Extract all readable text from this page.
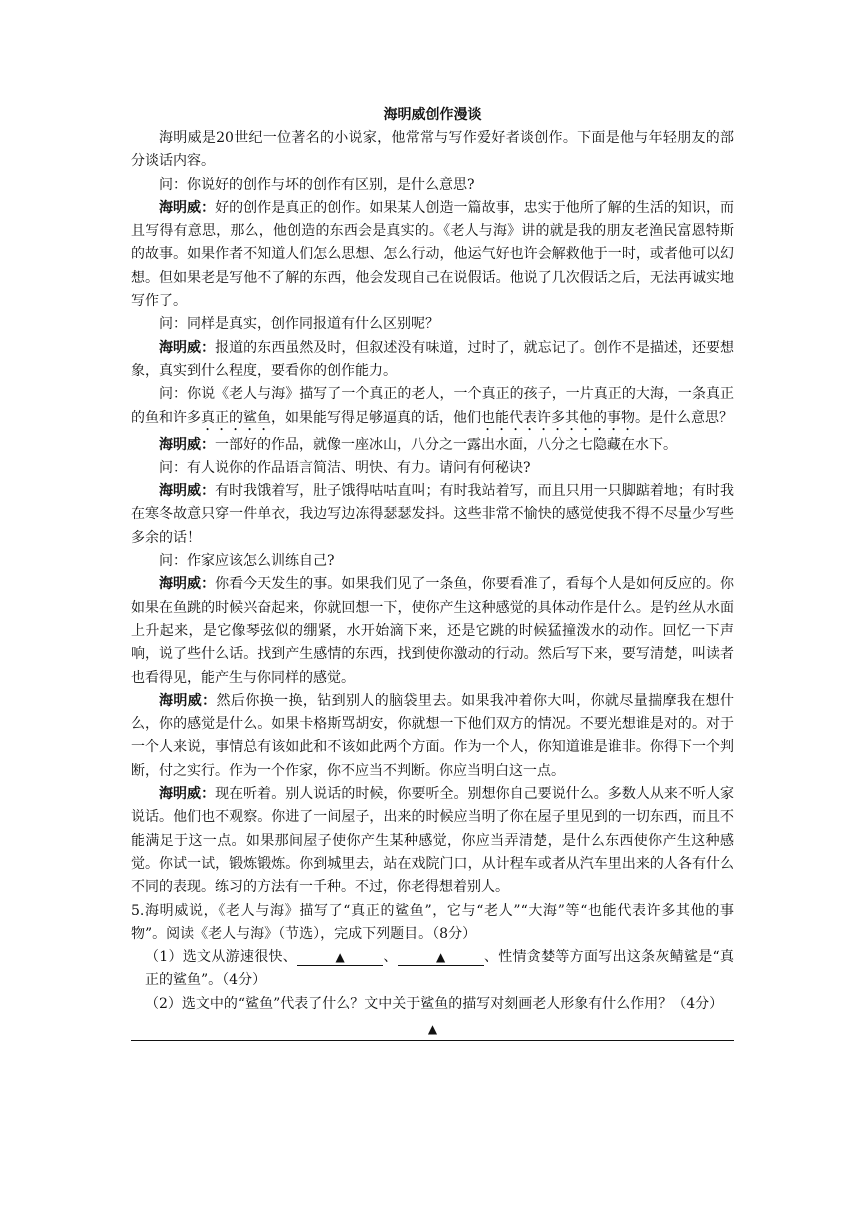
海明威创作漫谈

海明威是20世纪一位著名的小说家，他常常与写作爱好者谈创作。下面是他与年轻朋友的部分谈话内容。

问：你说好的创作与坏的创作有区别，是什么意思?

海明威：好的创作是真正的创作。如果某人创造一篇故事，忠实于他所了解的生活的知识，而且写得有意思，那么，他创造的东西会是真实的。《老人与海》讲的就是我的朋友老渔民富恩特斯的故事。如果作者不知道人们怎么思想、怎么行动，他运气好也许会解救他于一时，或者他可以幻想。但如果老是写他不了解的东西，他会发现自己在说假话。他说了几次假话之后，无法再诚实地写作了。

问：同样是真实，创作同报道有什么区别呢？

海明威：报道的东西虽然及时，但叙述没有味道，过时了，就忘记了。创作不是描述，还要想象，真实到什么程度，要看你的创作能力。

问：你说《老人与海》描写了一个真正的老人，一个真正的孩子，一片真正的大海，一条真正的鱼和许多真正的鲨鱼，如果能写得足够逼真的话，他们也能代表许多其他的事物。是什么意思？

海明威：一部好的作品，就像一座冰山，八分之一露出水面，八分之七隐藏在水下。

问：有人说你的作品语言简洁、明快、有力。请问有何秘诀?

海明威：有时我饿着写，肚子饿得咕咕直叫；有时我站着写，而且只用一只脚踮着地；有时我在寒冬故意只穿一件单衣，我边写边冻得瑟瑟发抖。这些非常不愉快的感觉使我不得不尽量少写些多余的话！

问：作家应该怎么训练自己?

海明威：你看今天发生的事。如果我们见了一条鱼，你要看准了，看每个人是如何反应的。你如果在鱼跳的时候兴奋起来，你就回想一下，使你产生这种感觉的具体动作是什么。是钓丝从水面上升起来，是它像琴弦似的绷紧，水开始滴下来，还是它跳的时候猛撞泼水的动作。回忆一下声响，说了些什么话。找到产生感情的东西，找到使你激动的行动。然后写下来，要写清楚，叫读者也看得见，能产生与你同样的感觉。

海明威：然后你换一换，钻到别人的脑袋里去。如果我冲着你大叫，你就尽量揣摩我在想什么，你的感觉是什么。如果卡格斯骂胡安，你就想一下他们双方的情况。不要光想谁是对的。对于一个人来说，事情总有该如此和不该如此两个方面。作为一个人，你知道谁是谁非。你得下一个判断，付之实行。作为一个作家，你不应当不判断。你应当明白这一点。

海明威：现在听着。别人说话的时候，你要听全。别想你自己要说什么。多数人从来不听人家说话。他们也不观察。你进了一间屋子，出来的时候应当明了你在屋子里见到的一切东西，而且不能满足于这一点。如果那间屋子使你产生某种感觉，你应当弄清楚，是什么东西使你产生这种感觉。你试一试，锻炼锻炼。你到城里去，站在戏院门口，从计程车或者从汽车里出来的人各有什么不同的表现。练习的方法有一千种。不过，你老得想着别人。

5.海明威说，《老人与海》描写了“真正的鲨鱼”，它与“老人”“大海”等“也能代表许多其他的事物”。阅读《老人与海》（节选），完成下列题目。（8分）

（1）选文从游速很快、	▲	、	▲	、性情贪婪等方面写出这条灰鲭鲨是“真正的鲨鱼”。（4分）

（2）选文中的“鲨鱼”代表了什么？文中关于鲨鱼的描写对刻画老人形象有什么作用？（4分）

▲
